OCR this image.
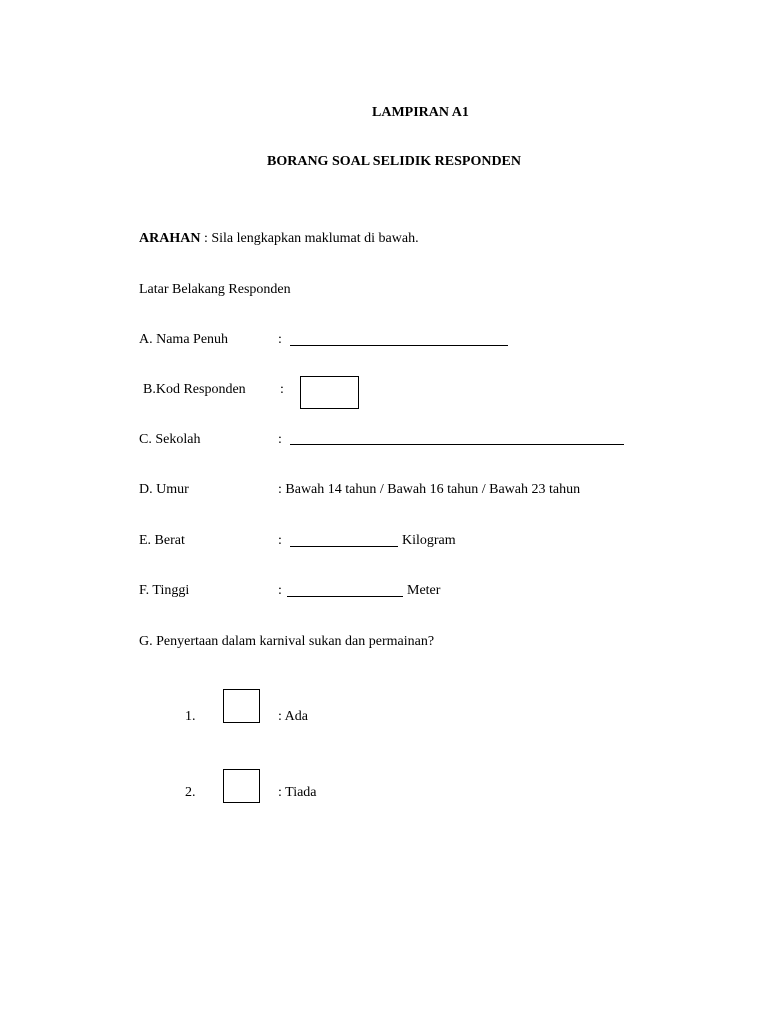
LAMPIRAN A1
BORANG SOAL SELIDIK RESPONDEN
ARAHAN : Sila lengkapkan maklumat di bawah.
Latar Belakang Responden
A. Nama Penuh	:
B.Kod Responden :
C. Sekolah	:
D. Umur	: Bawah 14 tahun / Bawah 16 tahun / Bawah 23 tahun
E. Berat	:	Kilogram
F. Tinggi	:	Meter
G. Penyertaan dalam karnival sukan dan permainan?
1.	: Ada
2.	: Tiada
